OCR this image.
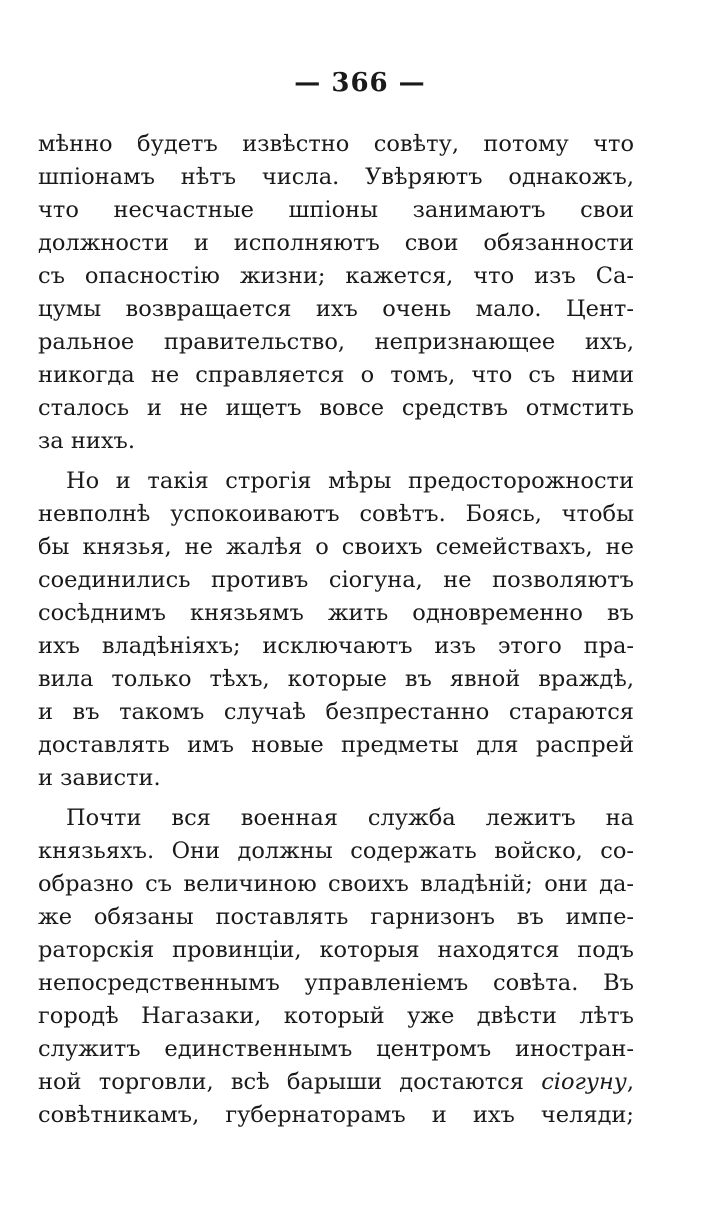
— 366 —
мѣнно будетъ извѣстно совѣту, потому что
шпіонамъ нѣтъ числа. Увѣряютъ однакожъ,
что несчастные шпіоны занимаютъ свои
должности и исполняютъ свои обязанности
съ опасностію жизни; кажется, что изъ Са-
цумы возвращается ихъ очень мало. Цент-
ральное правительство, непризнающее ихъ,
никогда не справляется о томъ, что съ ними
сталось и не ищетъ вовсе средствъ отмстить
за нихъ.
Но и такія строгія мѣры предосторожности
невполнѣ успокоиваютъ совѣтъ. Боясь, чтобы
бы князья, не жалѣя о своихъ семействахъ, не
соединились противъ сіогуна, не позволяютъ
сосѣднимъ князьямъ жить одновременно въ
ихъ владѣніяхъ; исключаютъ изъ этого пра-
вила только тѣхъ, которые въ явной враждѣ,
и въ такомъ случаѣ безпрестанно стараются
доставлять имъ новые предметы для распрей
и зависти.
Почти вся военная служба лежитъ на
князьяхъ. Они должны содержать войско, со-
образно съ величиною своихъ владѣній; они да-
же обязаны поставлять гарнизонъ въ импе-
раторскія провинціи, которыя находятся подъ
непосредственнымъ управленіемъ совѣта. Въ
городѣ Нагазаки, который уже двѣсти лѣтъ
служитъ единственнымъ центромъ иностран-
ной торговли, всѣ барыши достаются сіогуну,
совѣтникамъ, губернаторамъ и ихъ челяди;
